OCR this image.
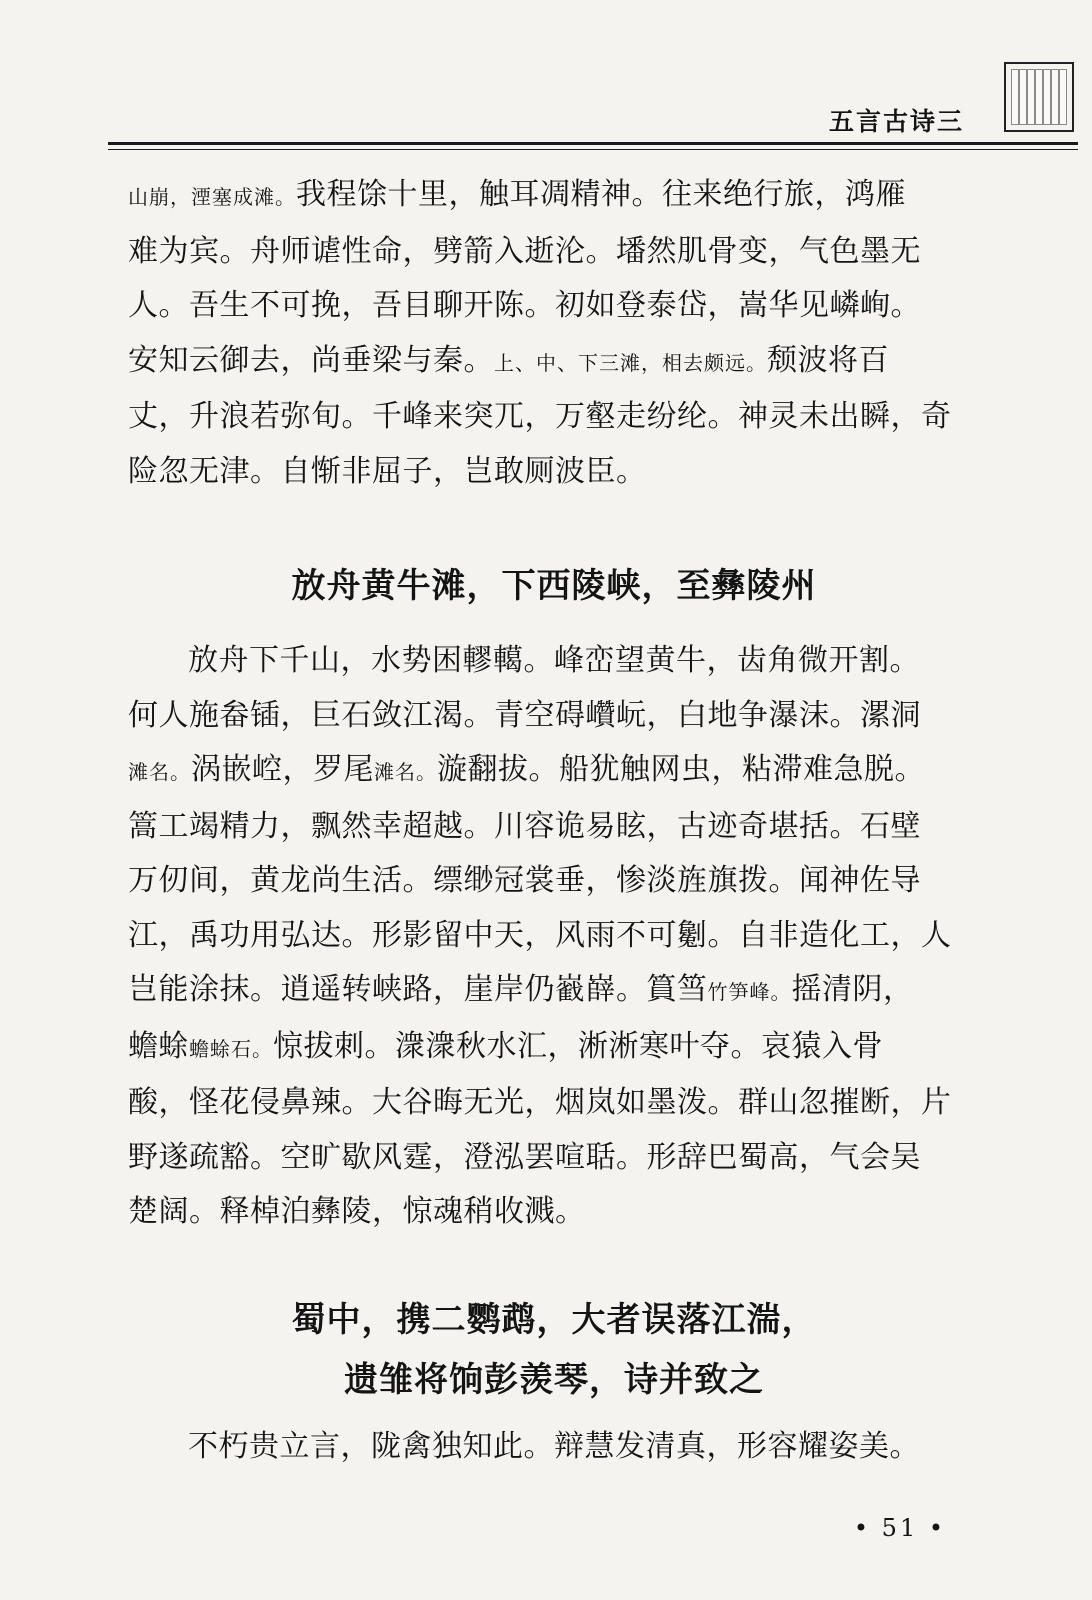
五言古诗三

山崩，湮塞成滩。我程馀十里，触耳凋精神。往来绝行旅，鸿雁

难为宾。舟师谑性命，劈箭入逝沦。墦然肌骨变，气色墨无

人。吾生不可挽，吾目聊开陈。初如登泰岱，嵩华见嶙峋。

安知云御去，尚垂梁与秦。上、中、下三滩，相去颇远。颓波将百

丈，升浪若弥旬。千峰来突兀，万壑走纷纶。神灵未出瞬，奇

险忽无津。自惭非屈子，岂敢厕波臣。

放舟黄牛滩，下西陵峡，至彝陵州

放舟下千山，水势困轇轕。峰峦望黄牛，齿角微开割。

何人施畚锸，巨石敛江渴。青空碍巑岏，白地争瀑沫。漯洞

滩名。涡嵌崆，罗尾滩名。漩翻拔。船犹触网虫，粘滞难急脱。

篙工竭精力，飘然幸超越。川容诡易眩，古迹奇堪括。石壁

万仞间，黄龙尚生活。缥缈冠裳垂，惨淡旌旗拨。闻神佐导

江，禹功用弘达。形影留中天，风雨不可劖。自非造化工，人

岂能涂抹。逍遥转峡路，崖岸仍巀嶭。篔筜竹笋峰。摇清阴，

蟾蜍蟾蜍石。惊拔刺。潨潨秋水汇，淅淅寒叶夺。哀猿入骨

酸，怪花侵鼻辣。大谷晦无光，烟岚如墨泼。群山忽摧断，片

野遂疏豁。空旷歇风霆，澄泓罢喧聒。形辞巴蜀高，气会吴

楚阔。释棹泊彝陵，惊魂稍收溅。

蜀中，携二鹦鹉，大者误落江湍，
遗雏将饷彭羡琴，诗并致之

不朽贵立言，陇禽独知此。辩慧发清真，形容耀姿美。

• 51 •
